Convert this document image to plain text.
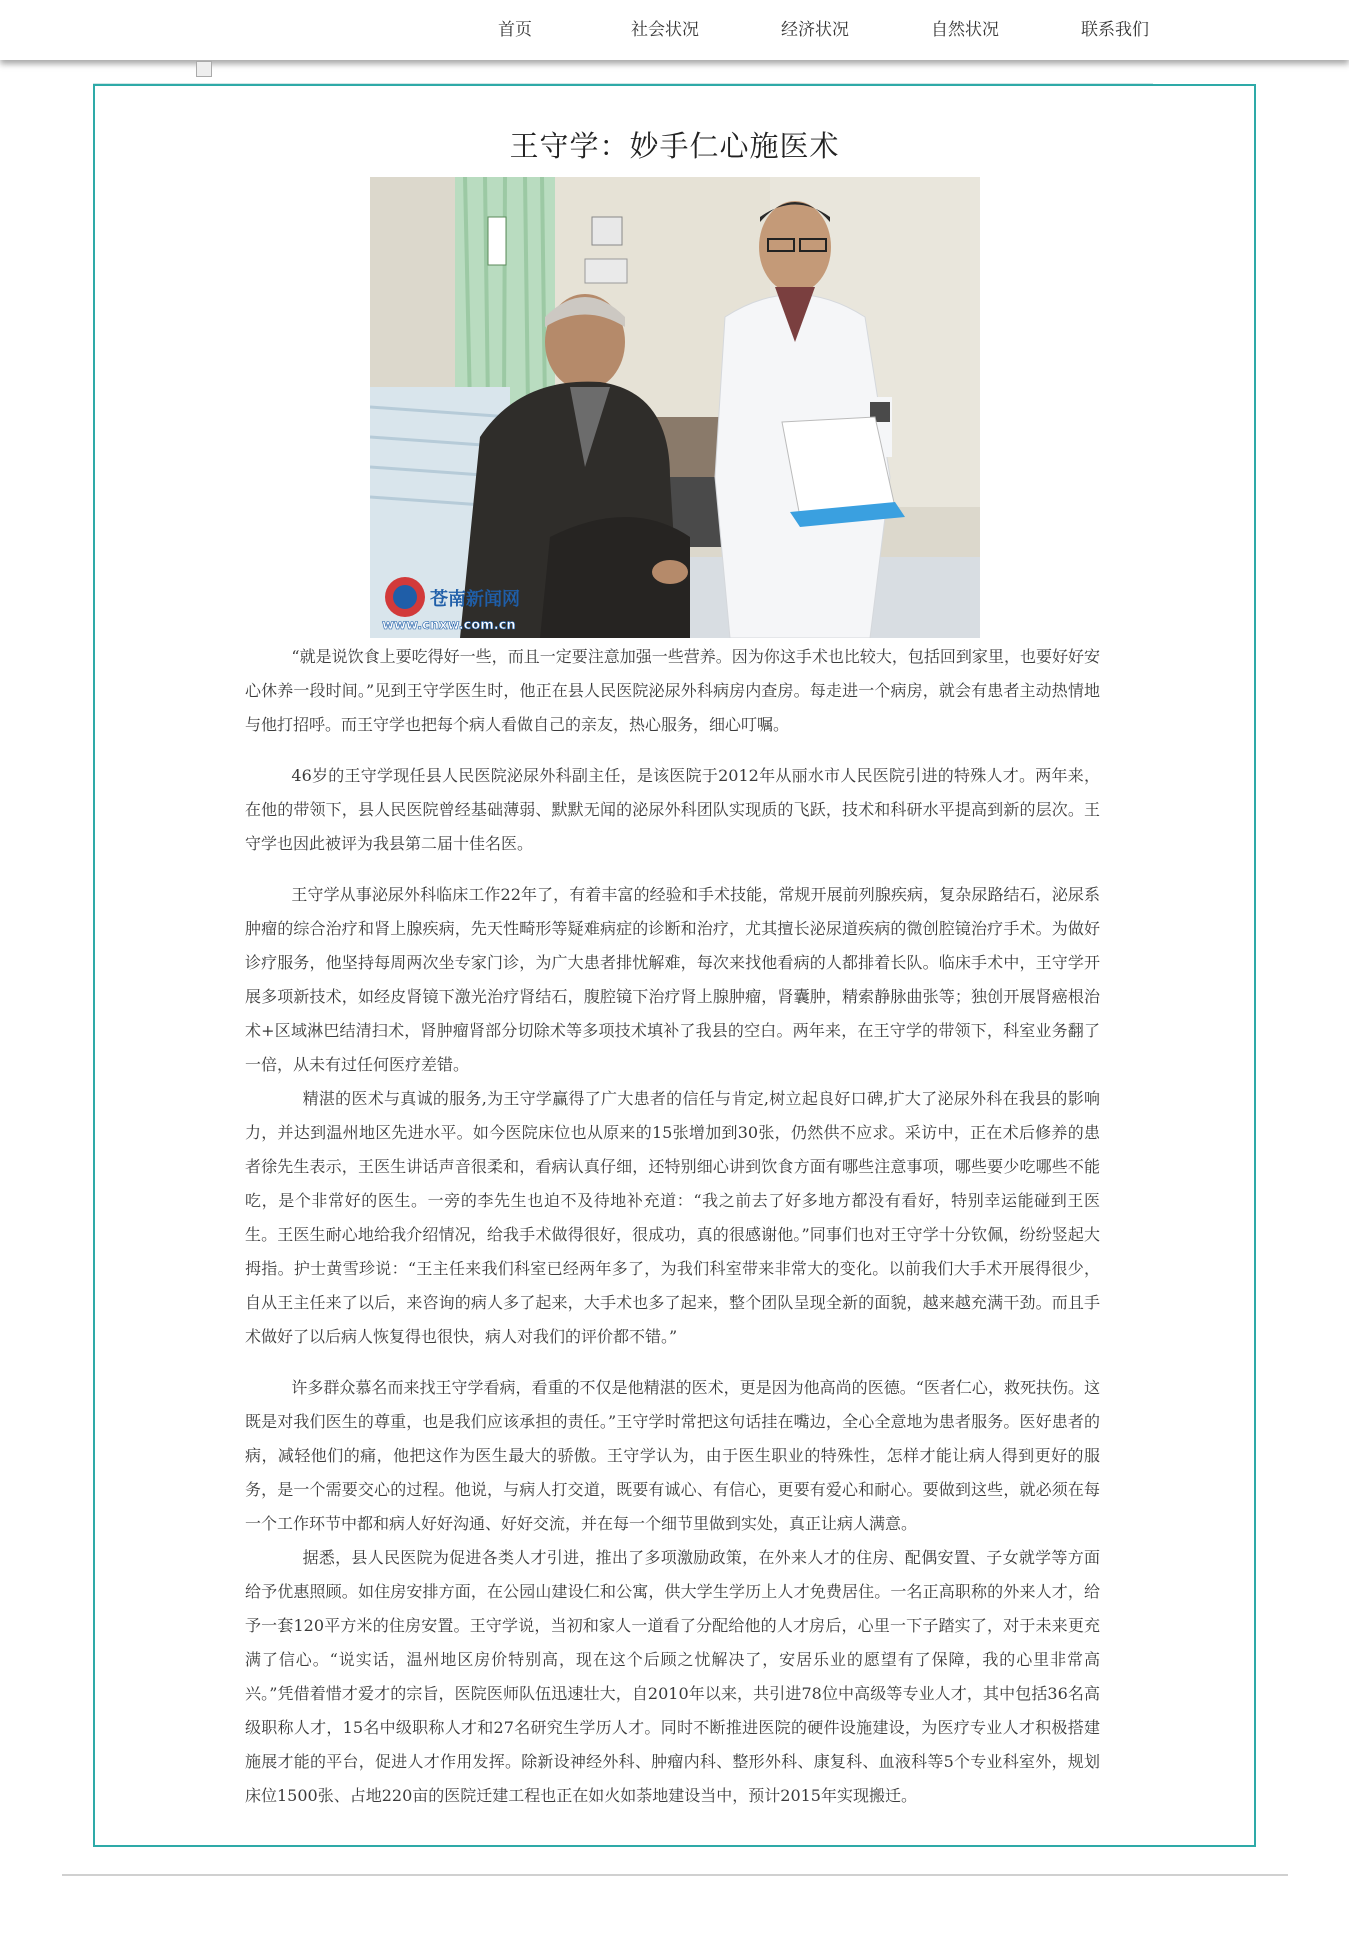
首页	社会状况	经济状况	自然状况	联系我们
王守学：妙手仁心施医术
苍南新闻网
www.cnxw.com.cn

“就是说饮食上要吃得好一些，而且一定要注意加强一些营养。因为你这手术也比较大，包括回到家里，也要好好安心休养一段时间。”见到王守学医生时，他正在县人民医院泌尿外科病房内查房。每走进一个病房，就会有患者主动热情地与他打招呼。而王守学也把每个病人看做自己的亲友，热心服务，细心叮嘱。

46岁的王守学现任县人民医院泌尿外科副主任，是该医院于2012年从丽水市人民医院引进的特殊人才。两年来，在他的带领下，县人民医院曾经基础薄弱、默默无闻的泌尿外科团队实现质的飞跃，技术和科研水平提高到新的层次。王守学也因此被评为我县第二届十佳名医。

王守学从事泌尿外科临床工作22年了，有着丰富的经验和手术技能，常规开展前列腺疾病，复杂尿路结石，泌尿系肿瘤的综合治疗和肾上腺疾病，先天性畸形等疑难病症的诊断和治疗，尤其擅长泌尿道疾病的微创腔镜治疗手术。为做好诊疗服务，他坚持每周两次坐专家门诊，为广大患者排忧解难，每次来找他看病的人都排着长队。临床手术中，王守学开展多项新技术，如经皮肾镜下激光治疗肾结石，腹腔镜下治疗肾上腺肿瘤，肾囊肿，精索静脉曲张等；独创开展肾癌根治术+区域淋巴结清扫术，肾肿瘤肾部分切除术等多项技术填补了我县的空白。两年来，在王守学的带领下，科室业务翻了一倍，从未有过任何医疗差错。

精湛的医术与真诚的服务,为王守学赢得了广大患者的信任与肯定,树立起良好口碑,扩大了泌尿外科在我县的影响力，并达到温州地区先进水平。如今医院床位也从原来的15张增加到30张，仍然供不应求。采访中，正在术后修养的患者徐先生表示，王医生讲话声音很柔和，看病认真仔细，还特别细心讲到饮食方面有哪些注意事项，哪些要少吃哪些不能吃，是个非常好的医生。一旁的李先生也迫不及待地补充道：“我之前去了好多地方都没有看好，特别幸运能碰到王医生。王医生耐心地给我介绍情况，给我手术做得很好，很成功，真的很感谢他。”同事们也对王守学十分钦佩，纷纷竖起大拇指。护士黄雪珍说：“王主任来我们科室已经两年多了，为我们科室带来非常大的变化。以前我们大手术开展得很少，自从王主任来了以后，来咨询的病人多了起来，大手术也多了起来，整个团队呈现全新的面貌，越来越充满干劲。而且手术做好了以后病人恢复得也很快，病人对我们的评价都不错。”

许多群众慕名而来找王守学看病，看重的不仅是他精湛的医术，更是因为他高尚的医德。“医者仁心，救死扶伤。这既是对我们医生的尊重，也是我们应该承担的责任。”王守学时常把这句话挂在嘴边，全心全意地为患者服务。医好患者的病，减轻他们的痛，他把这作为医生最大的骄傲。王守学认为，由于医生职业的特殊性，怎样才能让病人得到更好的服务，是一个需要交心的过程。他说，与病人打交道，既要有诚心、有信心，更要有爱心和耐心。要做到这些，就必须在每一个工作环节中都和病人好好沟通、好好交流，并在每一个细节里做到实处，真正让病人满意。

据悉，县人民医院为促进各类人才引进，推出了多项激励政策，在外来人才的住房、配偶安置、子女就学等方面给予优惠照顾。如住房安排方面，在公园山建设仁和公寓，供大学生学历上人才免费居住。一名正高职称的外来人才，给予一套120平方米的住房安置。王守学说，当初和家人一道看了分配给他的人才房后，心里一下子踏实了，对于未来更充满了信心。“说实话，温州地区房价特别高，现在这个后顾之忧解决了，安居乐业的愿望有了保障，我的心里非常高兴。”凭借着惜才爱才的宗旨，医院医师队伍迅速壮大，自2010年以来，共引进78位中高级等专业人才，其中包括36名高级职称人才，15名中级职称人才和27名研究生学历人才。同时不断推进医院的硬件设施建设，为医疗专业人才积极搭建施展才能的平台，促进人才作用发挥。除新设神经外科、肿瘤内科、整形外科、康复科、血液科等5个专业科室外，规划床位1500张、占地220亩的医院迁建工程也正在如火如荼地建设当中，预计2015年实现搬迁。
